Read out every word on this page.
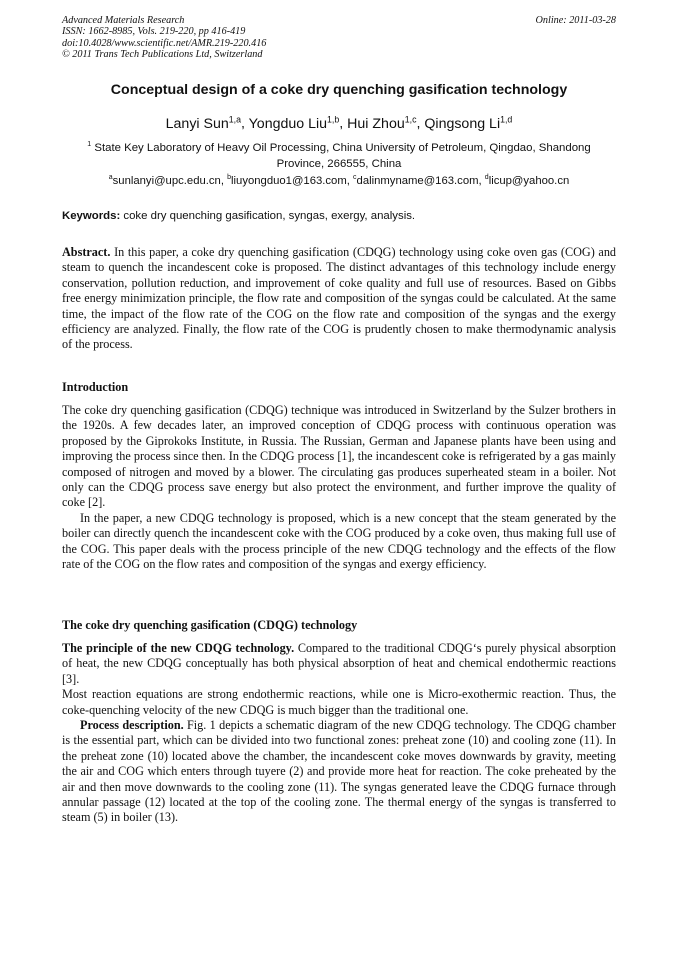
Advanced Materials Research
ISSN: 1662-8985, Vols. 219-220, pp 416-419
doi:10.4028/www.scientific.net/AMR.219-220.416
© 2011 Trans Tech Publications Ltd, Switzerland
Online: 2011-03-28
Conceptual design of a coke dry quenching gasification technology
Lanyi Sun$^{1,a}$, Yongduo Liu$^{1,b}$, Hui Zhou$^{1,c}$, Qingsong Li$^{1,d}$
$^1$ State Key Laboratory of Heavy Oil Processing, China University of Petroleum, Qingdao, Shandong Province, 266555, China
$^a$sunlanyi@upc.edu.cn, $^b$liuyongduo1@163.com, $^c$dalinmyname@163.com, $^d$licup@yahoo.cn
Keywords: coke dry quenching gasification, syngas, exergy, analysis.

Abstract. In this paper, a coke dry quenching gasification (CDQG) technology using coke oven gas (COG) and steam to quench the incandescent coke is proposed. The distinct advantages of this technology include energy conservation, pollution reduction, and improvement of coke quality and full use of resources. Based on Gibbs free energy minimization principle, the flow rate and composition of the syngas could be calculated. At the same time, the impact of the flow rate of the COG on the flow rate and composition of the syngas and the exergy efficiency are analyzed. Finally, the flow rate of the COG is prudently chosen to make thermodynamic analysis of the process.

Introduction

The coke dry quenching gasification (CDQG) technique was introduced in Switzerland by the Sulzer brothers in the 1920s. A few decades later, an improved conception of CDQG process with continuous operation was proposed by the Giprokoks Institute, in Russia. The Russian, German and Japanese plants have been using and improving the process since then. In the CDQG process [1], the incandescent coke is refrigerated by a gas mainly composed of nitrogen and moved by a blower. The circulating gas produces superheated steam in a boiler. Not only can the CDQG process save energy but also protect the environment, and further improve the quality of coke [2].

In the paper, a new CDQG technology is proposed, which is a new concept that the steam generated by the boiler can directly quench the incandescent coke with the COG produced by a coke oven, thus making full use of the COG. This paper deals with the process principle of the new CDQG technology and the effects of the flow rate of the COG on the flow rates and composition of the syngas and exergy efficiency.

The coke dry quenching gasification (CDQG) technology

The principle of the new CDQG technology. Compared to the traditional CDQG‘s purely physical absorption of heat, the new CDQG conceptually has both physical absorption of heat and chemical endothermic reactions [3].

Most reaction equations are strong endothermic reactions, while one is Micro-exothermic reaction. Thus, the coke-quenching velocity of the new CDQG is much bigger than the traditional one.

Process description. Fig. 1 depicts a schematic diagram of the new CDQG technology. The CDQG chamber is the essential part, which can be divided into two functional zones: preheat zone (10) and cooling zone (11). In the preheat zone (10) located above the chamber, the incandescent coke moves downwards by gravity, meeting the air and COG which enters through tuyere (2) and provide more heat for reaction. The coke preheated by the air and then move downwards to the cooling zone (11). The syngas generated leave the CDQG furnace through annular passage (12) located at the top of the cooling zone. The thermal energy of the syngas is transferred to steam (5) in boiler (13).
